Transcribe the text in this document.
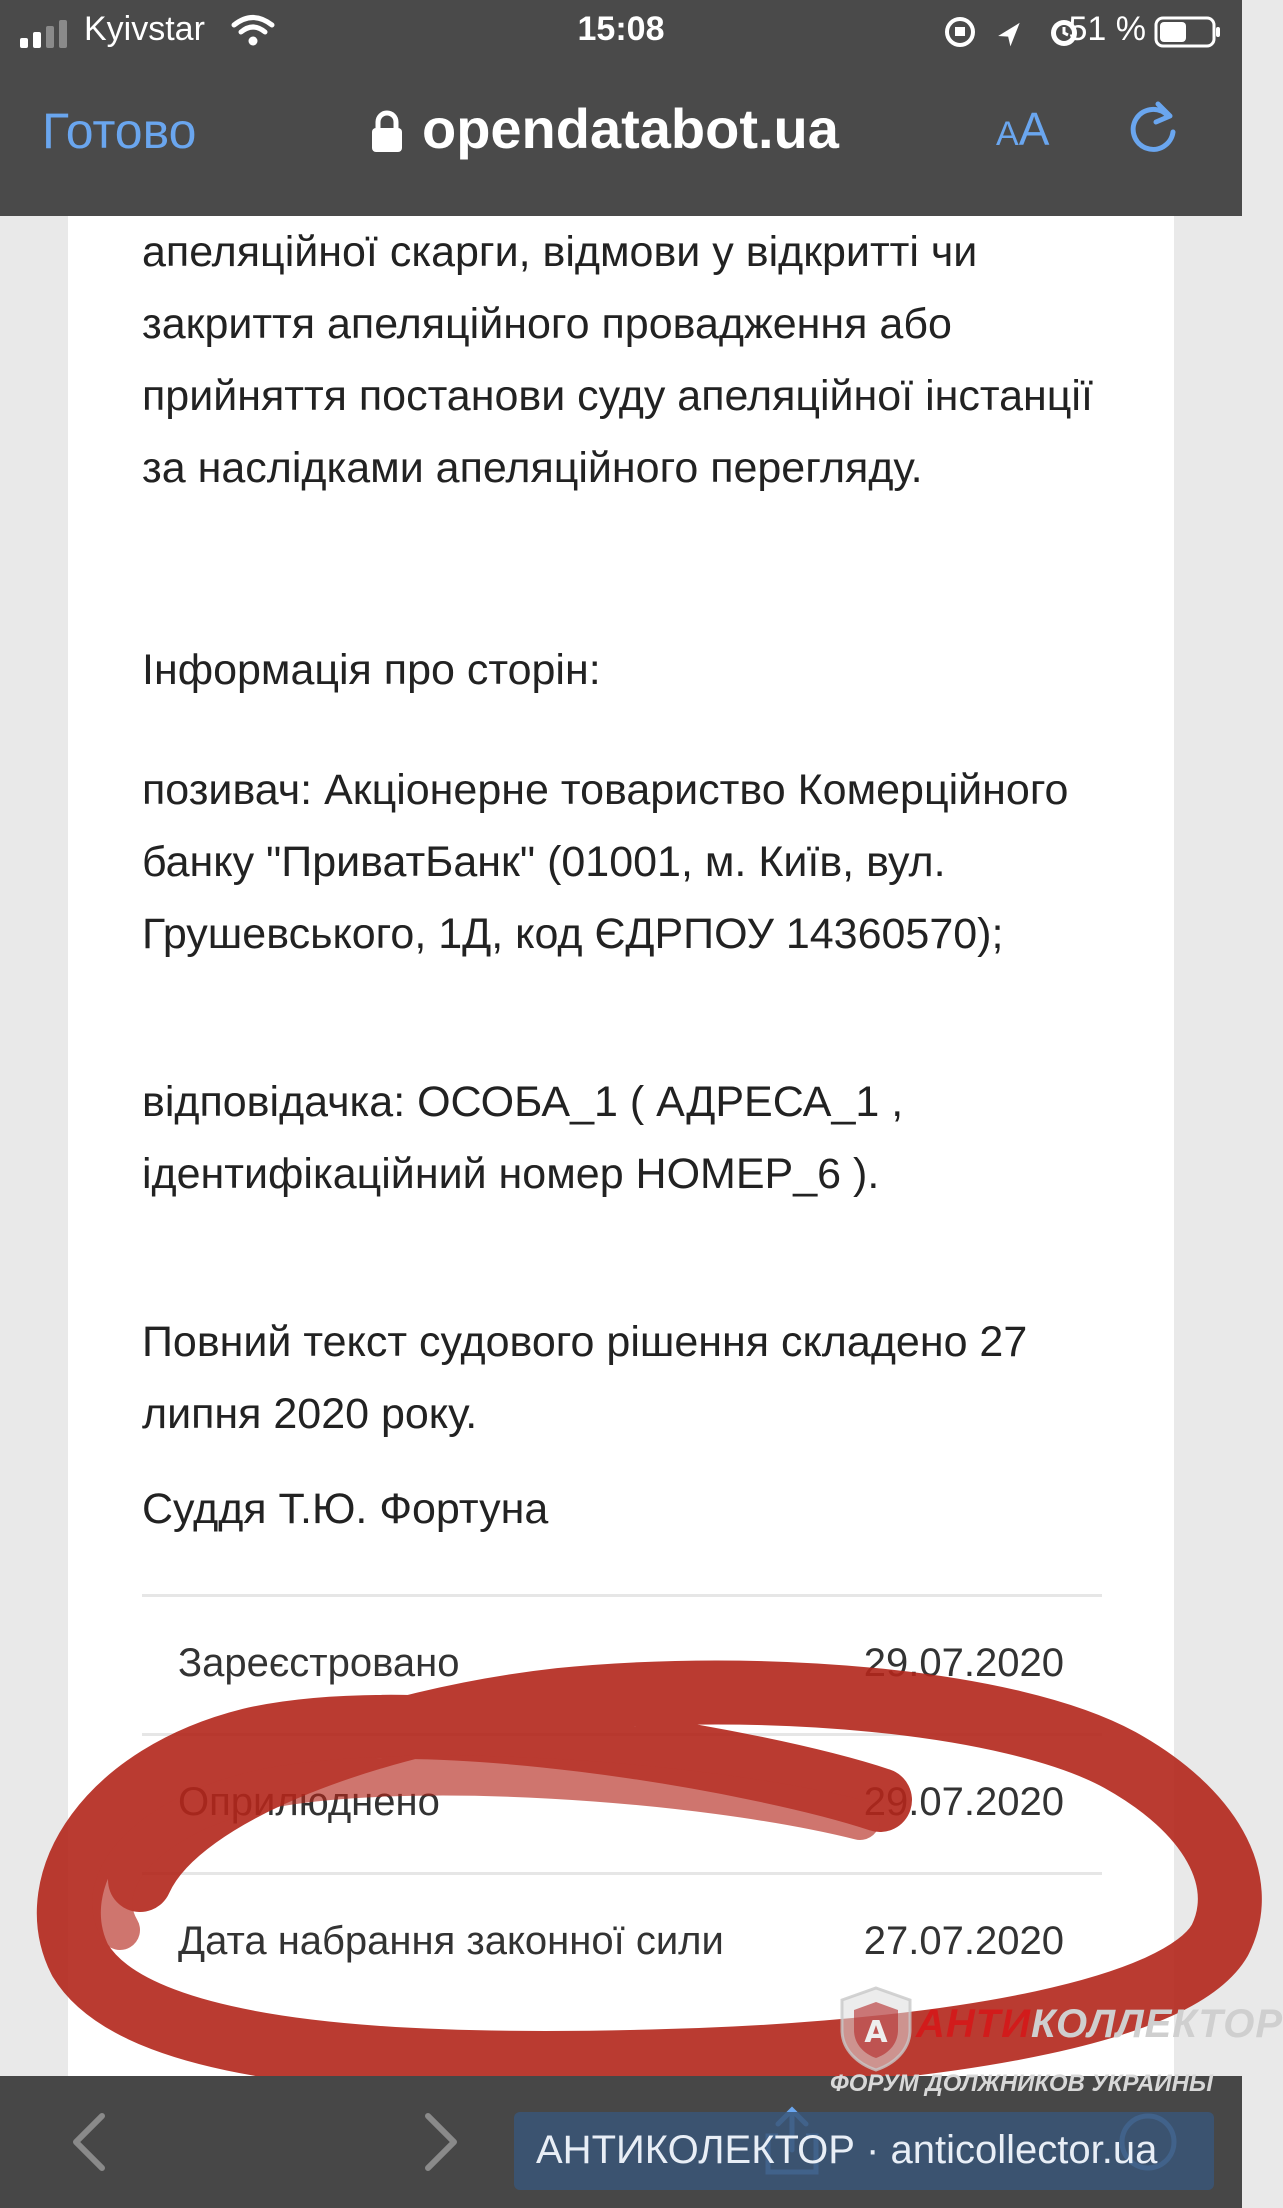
Kyivstar	15:08	51 %
Готово	opendatabot.ua	AA

апеляційної скарги, відмови у відкритті чи закриття апеляційного провадження або прийняття постанови суду апеляційної інстанції за наслідками апеляційного перегляду.

Інформація про сторін:

позивач: Акціонерне товариство Комерційного банку "ПриватБанк" (01001, м. Київ, вул. Грушевського, 1Д, код ЄДРПОУ 14360570);

відповідачка: ОСОБА_1 ( АДРЕСА_1 , ідентифікаційний номер НОМЕР_6 ).

Повний текст судового рішення складено 27 липня 2020 року.

Суддя Т.Ю. Фортуна

Зареєстровано	29.07.2020
Оприлюднено	29.07.2020
Дата набрання законної сили	27.07.2020
А АНТИКОЛЛЕКТОР
ФОРУМ ДОЛЖНИКОВ УКРАИНЫ
АНТИКОЛЕКТОР · anticollector.ua
